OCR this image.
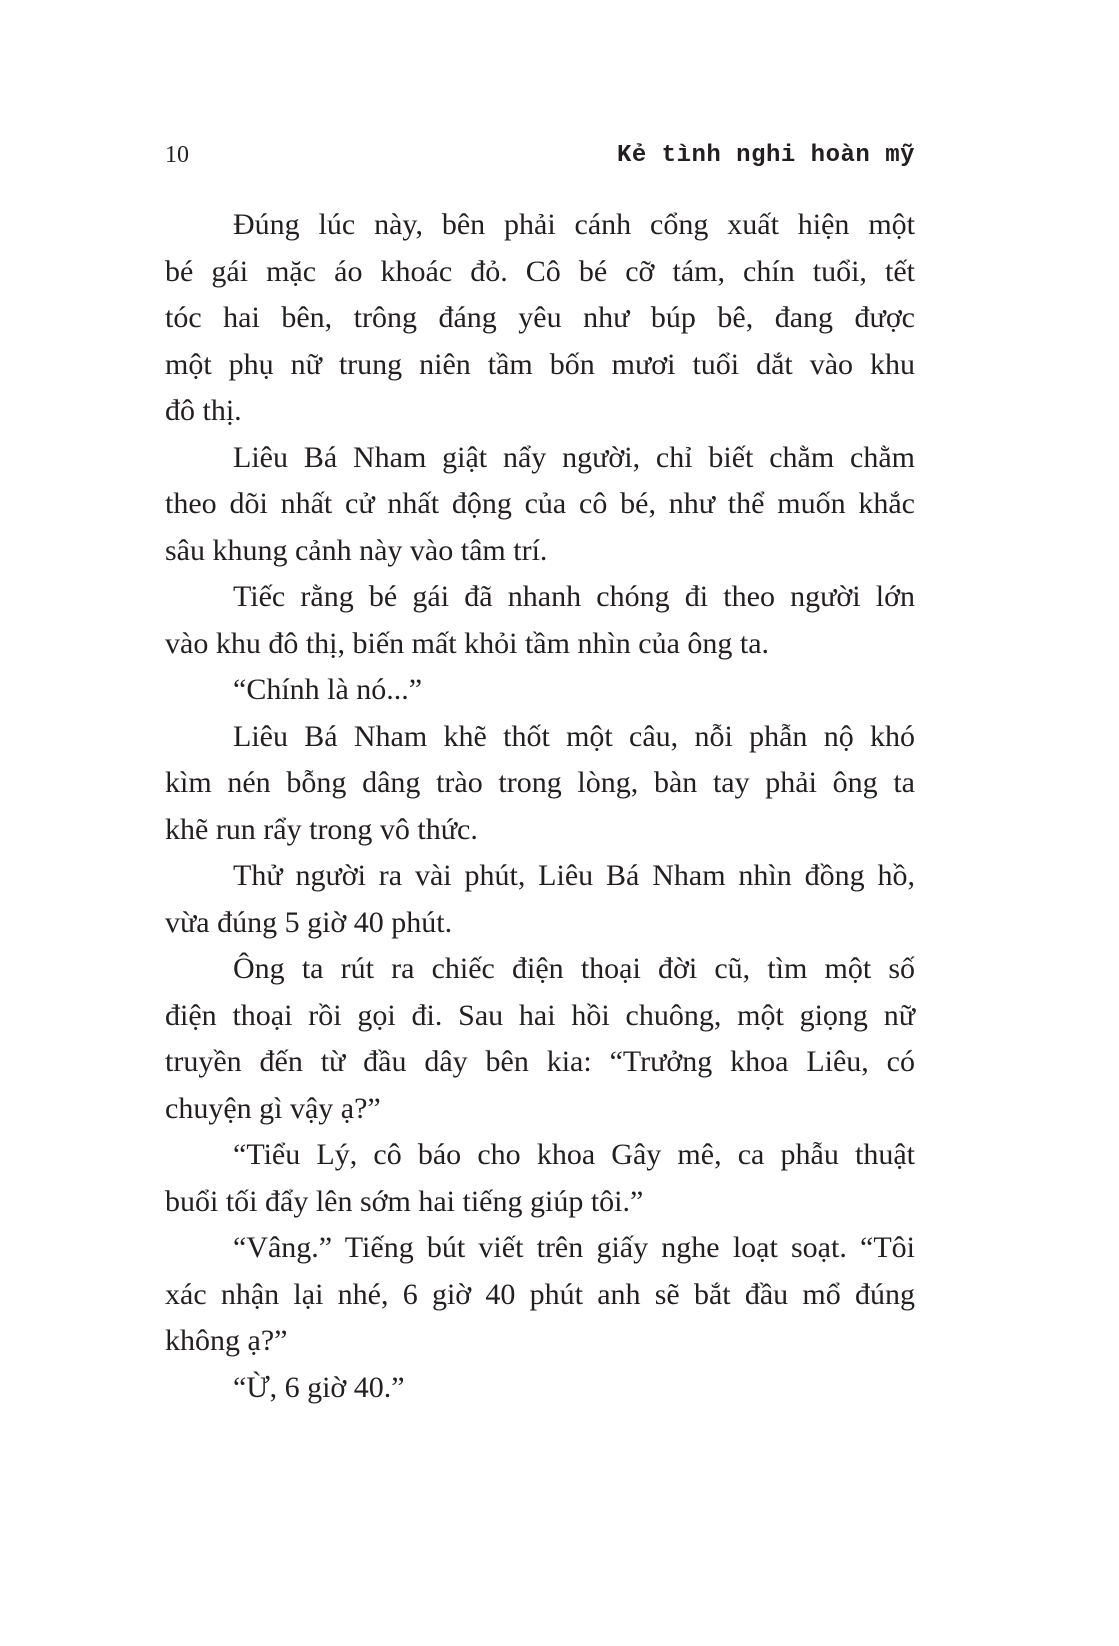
10	Kẻ tình nghi hoàn mỹ
Đúng lúc này, bên phải cánh cổng xuất hiện một
bé gái mặc áo khoác đỏ. Cô bé cỡ tám, chín tuổi, tết
tóc hai bên, trông đáng yêu như búp bê, đang được
một phụ nữ trung niên tầm bốn mươi tuổi dắt vào khu
đô thị.
Liêu Bá Nham giật nẩy người, chỉ biết chằm chằm
theo dõi nhất cử nhất động của cô bé, như thể muốn khắc
sâu khung cảnh này vào tâm trí.
Tiếc rằng bé gái đã nhanh chóng đi theo người lớn
vào khu đô thị, biến mất khỏi tầm nhìn của ông ta.
“Chính là nó...”
Liêu Bá Nham khẽ thốt một câu, nỗi phẫn nộ khó
kìm nén bỗng dâng trào trong lòng, bàn tay phải ông ta
khẽ run rẩy trong vô thức.
Thử người ra vài phút, Liêu Bá Nham nhìn đồng hồ,
vừa đúng 5 giờ 40 phút.
Ông ta rút ra chiếc điện thoại đời cũ, tìm một số
điện thoại rồi gọi đi. Sau hai hồi chuông, một giọng nữ
truyền đến từ đầu dây bên kia: “Trưởng khoa Liêu, có
chuyện gì vậy ạ?”
“Tiểu Lý, cô báo cho khoa Gây mê, ca phẫu thuật
buổi tối đẩy lên sớm hai tiếng giúp tôi.”
“Vâng.” Tiếng bút viết trên giấy nghe loạt soạt. “Tôi
xác nhận lại nhé, 6 giờ 40 phút anh sẽ bắt đầu mổ đúng
không ạ?”
“Ừ, 6 giờ 40.”
